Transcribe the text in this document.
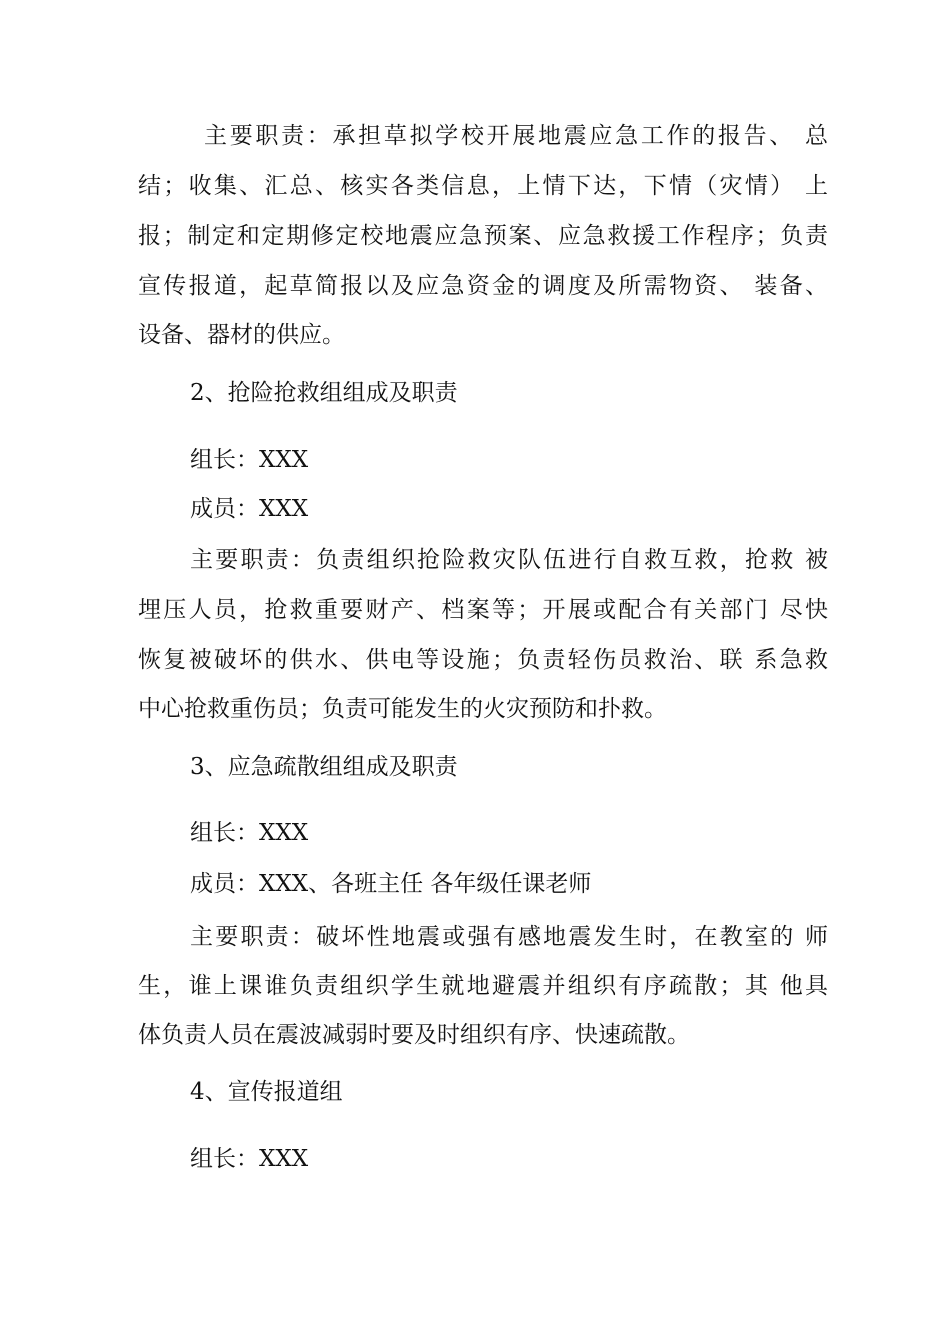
主要职责：承担草拟学校开展地震应急工作的报告、 总
结；收集、汇总、核实各类信息，上情下达，下情（灾情） 上
报；制定和定期修定校地震应急预案、应急救援工作程序；负责
宣传报道，起草简报以及应急资金的调度及所需物资、 装备、
设备、器材的供应。
2、抢险抢救组组成及职责
组长：XXX
成员：XXX
主要职责：负责组织抢险救灾队伍进行自救互救，抢救 被
埋压人员，抢救重要财产、档案等；开展或配合有关部门 尽快
恢复被破坏的供水、供电等设施；负责轻伤员救治、联 系急救
中心抢救重伤员；负责可能发生的火灾预防和扑救。
3、应急疏散组组成及职责
组长：XXX
成员：XXX、各班主任 各年级任课老师
主要职责：破坏性地震或强有感地震发生时，在教室的 师
生，谁上课谁负责组织学生就地避震并组织有序疏散；其 他具
体负责人员在震波减弱时要及时组织有序、快速疏散。
4、宣传报道组
组长：XXX
